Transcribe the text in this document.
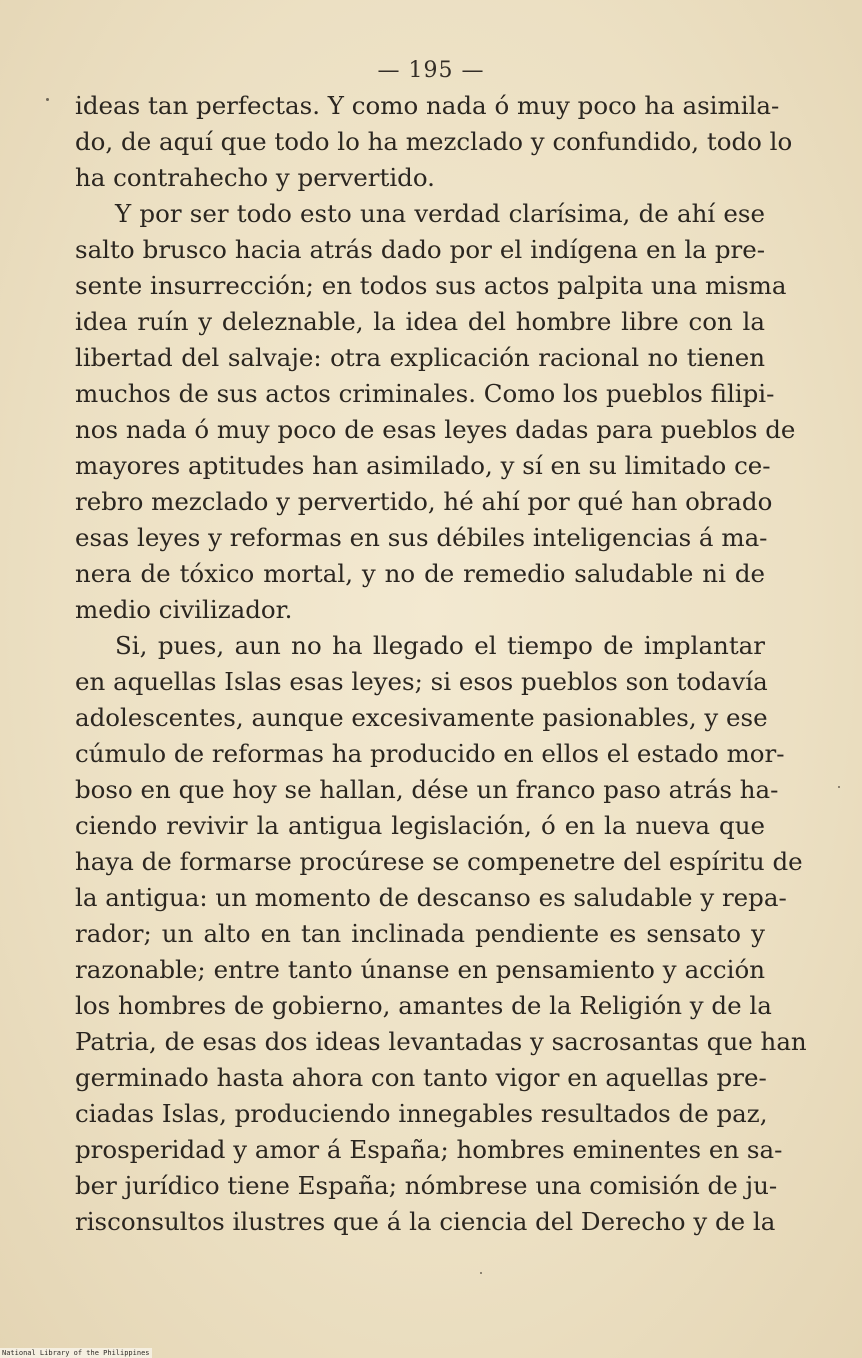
— 195 —
ideas tan perfectas. Y como nada ó muy poco ha asimila-
do, de aquí que todo lo ha mezclado y confundido, todo lo
ha contrahecho y pervertido.
Y por ser todo esto una verdad clarísima, de ahí ese
salto brusco hacia atrás dado por el indígena en la pre-
sente insurrección; en todos sus actos palpita una misma
idea ruín y deleznable, la idea del hombre libre con la
libertad del salvaje: otra explicación racional no tienen
muchos de sus actos criminales. Como los pueblos filipi-
nos nada ó muy poco de esas leyes dadas para pueblos de
mayores aptitudes han asimilado, y sí en su limitado ce-
rebro mezclado y pervertido, hé ahí por qué han obrado
esas leyes y reformas en sus débiles inteligencias á ma-
nera de tóxico mortal, y no de remedio saludable ni de
medio civilizador.
Si, pues, aun no ha llegado el tiempo de implantar
en aquellas Islas esas leyes; si esos pueblos son todavía
adolescentes, aunque excesivamente pasionables, y ese
cúmulo de reformas ha producido en ellos el estado mor-
boso en que hoy se hallan, dése un franco paso atrás ha-
ciendo revivir la antigua legislación, ó en la nueva que
haya de formarse procúrese se compenetre del espíritu de
la antigua: un momento de descanso es saludable y repa-
rador; un alto en tan inclinada pendiente es sensato y
razonable; entre tanto únanse en pensamiento y acción
los hombres de gobierno, amantes de la Religión y de la
Patria, de esas dos ideas levantadas y sacrosantas que han
germinado hasta ahora con tanto vigor en aquellas pre-
ciadas Islas, produciendo innegables resultados de paz,
prosperidad y amor á España; hombres eminentes en sa-
ber jurídico tiene España; nómbrese una comisión de ju-
risconsultos ilustres que á la ciencia del Derecho y de la
National Library of the Philippines
